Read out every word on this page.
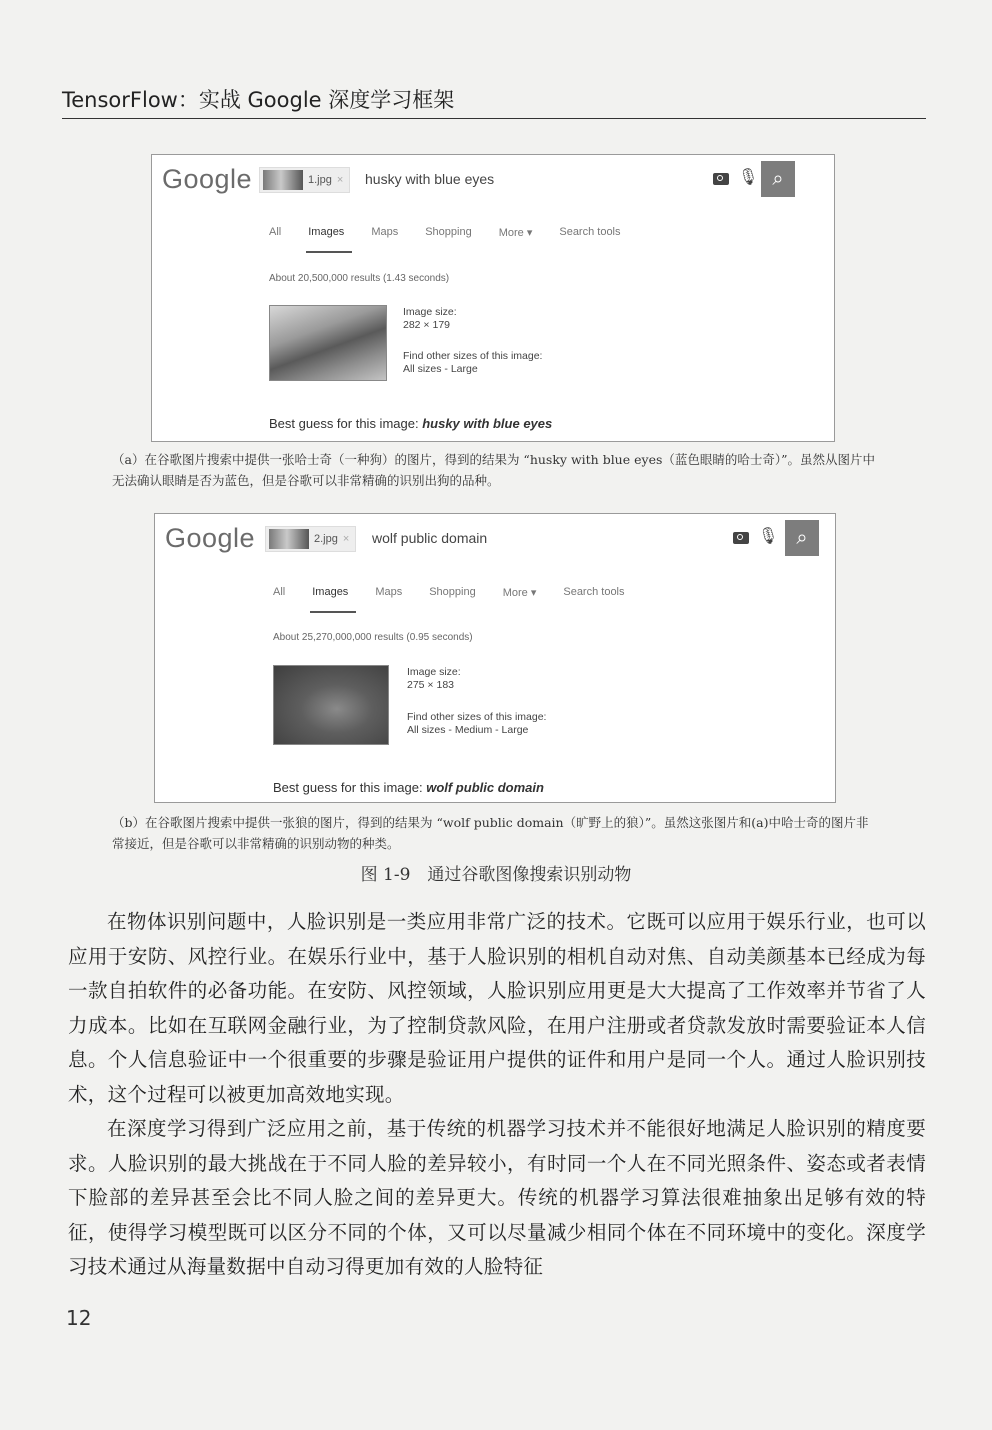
TensorFlow：实战 Google 深度学习框架
Google	1.jpg × husky with blue eyes	🎙 ⌕
All Images Maps Shopping More ▾ Search tools
About 20,500,000 results (1.43 seconds)
Image size:
282 × 179
Find other sizes of this image:
All sizes - Large
Best guess for this image: husky with blue eyes
（a）在谷歌图片搜索中提供一张哈士奇（一种狗）的图片，得到的结果为 “husky with blue eyes（蓝色眼睛的哈士奇）”。虽然从图片中无法确认眼睛是否为蓝色，但是谷歌可以非常精确的识别出狗的品种。
Google	2.jpg × wolf public domain	🎙 ⌕
All Images Maps Shopping More ▾ Search tools
About 25,270,000,000 results (0.95 seconds)
Image size:
275 × 183
Find other sizes of this image:
All sizes - Medium - Large
Best guess for this image: wolf public domain
（b）在谷歌图片搜索中提供一张狼的图片，得到的结果为 “wolf public domain（旷野上的狼）”。虽然这张图片和(a)中哈士奇的图片非常接近，但是谷歌可以非常精确的识别动物的种类。
图 1-9　通过谷歌图像搜索识别动物

在物体识别问题中，人脸识别是一类应用非常广泛的技术。它既可以应用于娱乐行业，也可以应用于安防、风控行业。在娱乐行业中，基于人脸识别的相机自动对焦、自动美颜基本已经成为每一款自拍软件的必备功能。在安防、风控领域，人脸识别应用更是大大提高了工作效率并节省了人力成本。比如在互联网金融行业，为了控制贷款风险，在用户注册或者贷款发放时需要验证本人信息。个人信息验证中一个很重要的步骤是验证用户提供的证件和用户是同一个人。通过人脸识别技术，这个过程可以被更加高效地实现。

在深度学习得到广泛应用之前，基于传统的机器学习技术并不能很好地满足人脸识别的精度要求。人脸识别的最大挑战在于不同人脸的差异较小，有时同一个人在不同光照条件、姿态或者表情下脸部的差异甚至会比不同人脸之间的差异更大。传统的机器学习算法很难抽象出足够有效的特征，使得学习模型既可以区分不同的个体，又可以尽量减少相同个体在不同环境中的变化。深度学习技术通过从海量数据中自动习得更加有效的人脸特征

12
